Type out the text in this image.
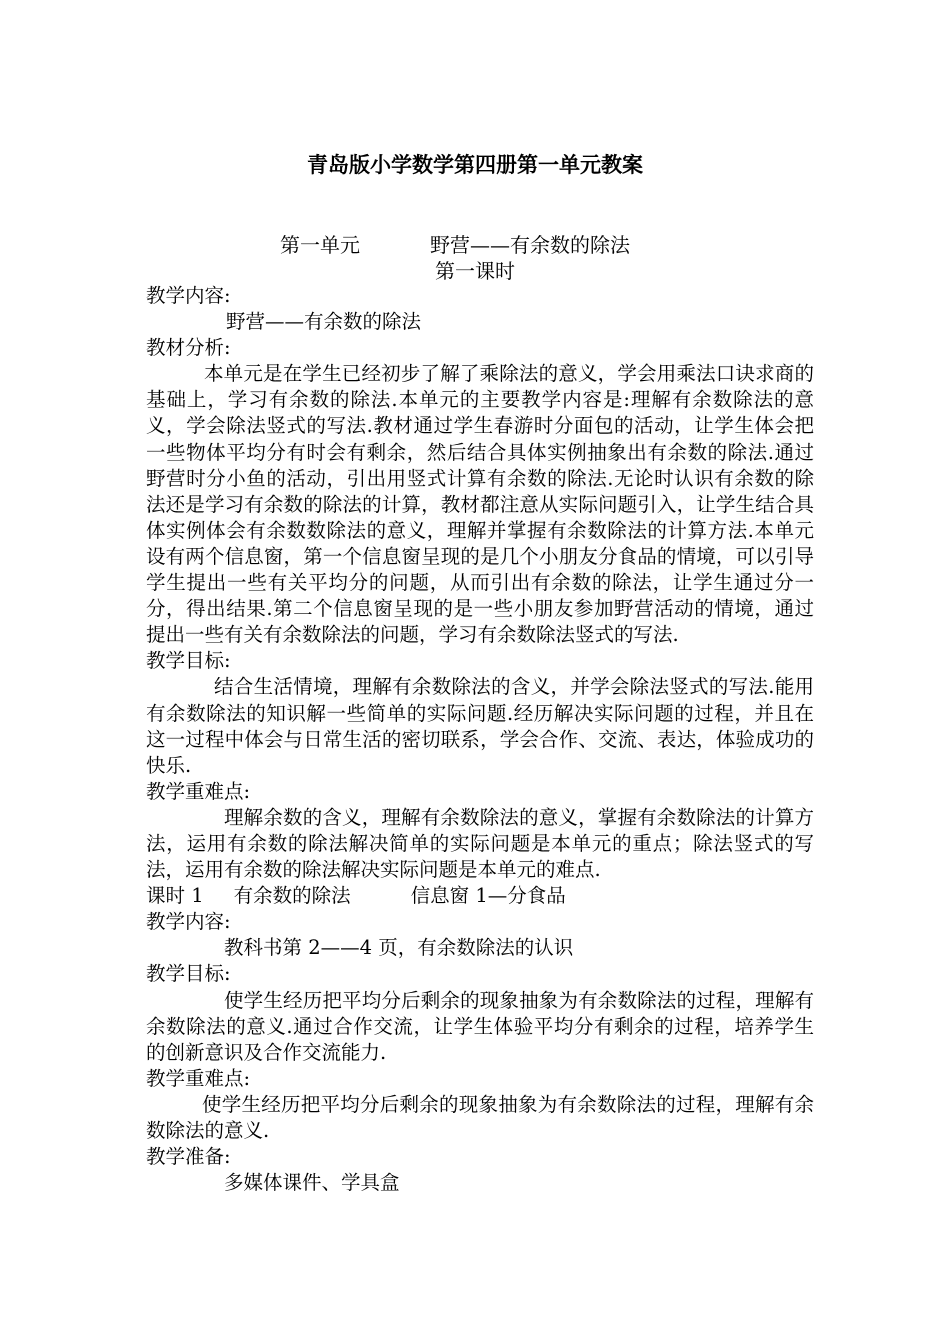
青岛版小学数学第四册第一单元教案
第一单元	野营——有余数的除法
第一课时

教学内容:

野营——有余数的除法

教材分析:

本单元是在学生已经初步了解了乘除法的意义，学会用乘法口诀求商的基础上，学习有余数的除法.本单元的主要教学内容是:理解有余数除法的意义，学会除法竖式的写法.教材通过学生春游时分面包的活动，让学生体会把一些物体平均分有时会有剩余，然后结合具体实例抽象出有余数的除法.通过野营时分小鱼的活动，引出用竖式计算有余数的除法.无论时认识有余数的除法还是学习有余数的除法的计算，教材都注意从实际问题引入，让学生结合具体实例体会有余数数除法的意义，理解并掌握有余数除法的计算方法.本单元设有两个信息窗，第一个信息窗呈现的是几个小朋友分食品的情境，可以引导学生提出一些有关平均分的问题，从而引出有余数的除法，让学生通过分一分，得出结果.第二个信息窗呈现的是一些小朋友参加野营活动的情境，通过提出一些有关有余数除法的问题，学习有余数除法竖式的写法.

教学目标:

结合生活情境，理解有余数除法的含义，并学会除法竖式的写法.能用有余数除法的知识解一些简单的实际问题.经历解决实际问题的过程，并且在这一过程中体会与日常生活的密切联系，学会合作、交流、表达，体验成功的快乐.

教学重难点:

理解余数的含义，理解有余数除法的意义，掌握有余数除法的计算方法，运用有余数的除法解决简单的实际问题是本单元的重点；除法竖式的写法，运用有余数的除法解决实际问题是本单元的难点.

课时 1 有余数的除法	信息窗 1—分食品

教学内容:

教科书第 2——4 页，有余数除法的认识

教学目标:

使学生经历把平均分后剩余的现象抽象为有余数除法的过程，理解有余数除法的意义.通过合作交流，让学生体验平均分有剩余的过程，培养学生的创新意识及合作交流能力.

教学重难点:

使学生经历把平均分后剩余的现象抽象为有余数除法的过程，理解有余数除法的意义.

教学准备:

多媒体课件、学具盒
